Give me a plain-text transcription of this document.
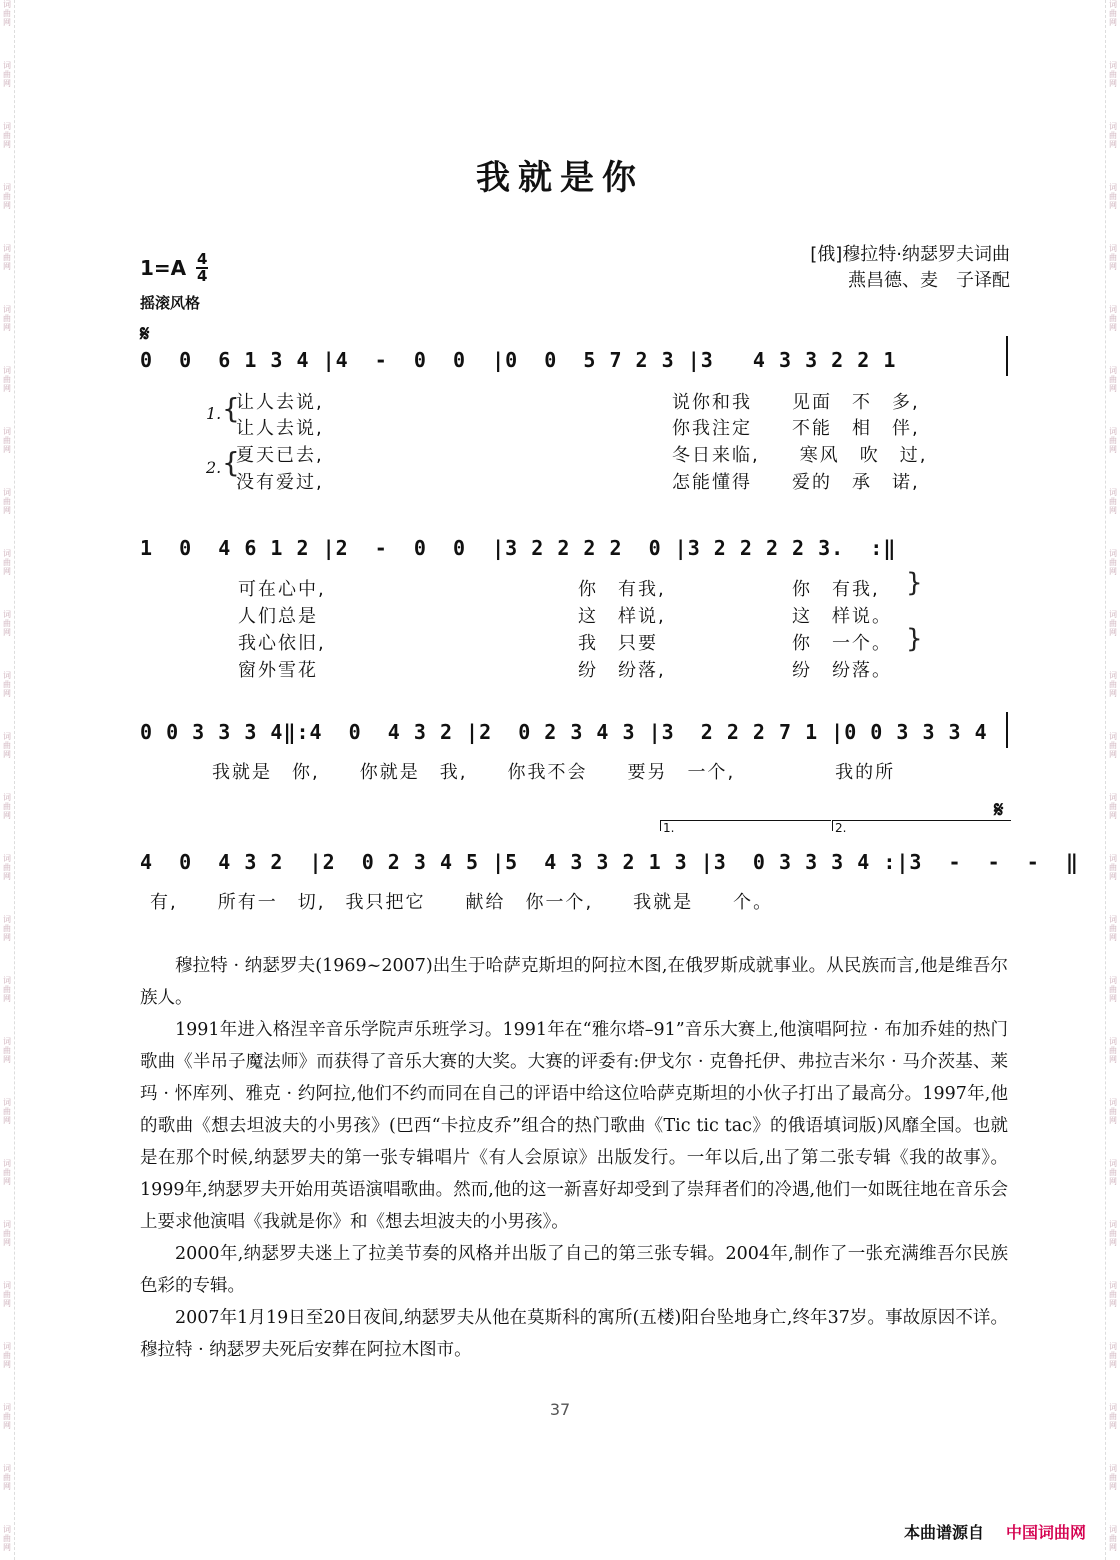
词
曲
网
词
曲
网
词
曲
网
词
曲
网
词
曲
网
词
曲
网
词
曲
网
词
曲
网
词
曲
网
词
曲
网
词
曲
网
词
曲
网
词
曲
网
词
曲
网
词
曲
网
词
曲
网
词
曲
网
词
曲
网
词
曲
网
词
曲
网
词
曲
网
词
曲
网
词
曲
网
词
曲
网
词
曲
网
词
曲
网
词
曲
网
词
曲
网
词
曲
网
词
曲
网
词
曲
网
词
曲
网
词
曲
网
词
曲
网
词
曲
网
词
曲
网
词
曲
网
词
曲
网
词
曲
网
词
曲
网
词
曲
网
词
曲
网
词
曲
网
词
曲
网
词
曲
网
词
曲
网
词
曲
网
词
曲
网
词
曲
网
词
曲
网
词
曲
网
词
曲
网
我就是你
1=A 4
4
摇滚风格
[俄]穆拉特·纳瑟罗夫词曲
燕昌德、麦　子译配
𝄋
0  0  6 1 3 4 |4  -  0  0  |0  0  5 7 2 3 |3   4 3 3 2 2 1
1.
2.
{
{
让人去说,
让人去说,
夏天已去,
没有爱过,
说你和我　　见面　不　多,
你我注定　　不能　相　伴,
冬日来临,　　寒风　吹　过,
怎能懂得　　爱的　承　诺,
1  0  4 6 1 2 |2  -  0  0  |3 2 2 2 2  0 |3 2 2 2 2 3.  :‖
可在心中,
人们总是
我心依旧,
窗外雪花
你　有我,
这　样说,
我　只要
纷　纷落,
你　有我,
这　样说。
你　一个。
纷　纷落。
}
}
0 0 3 3 3 4‖:4  0  4 3 2 |2  0 2 3 4 3 |3  2 2 2 7 1 |0 0 3 3 3 4
我就是　你,　　你就是　我,　　你我不会　　要另　一个,　　　　　我的所
𝄋
1.	2.
4  0  4 3 2  |2  0 2 3 4 5 |5  4 3 3 2 1 3 |3  0 3 3 3 4 :|3  -  -  -  ‖
有,　　所有一　切,　我只把它　　献给　你一个,　　我就是　　个。

穆拉特 · 纳瑟罗夫(1969~2007)出生于哈萨克斯坦的阿拉木图,在俄罗斯成就事业。从民族而言,他是维吾尔族人。

1991年进入格涅辛音乐学院声乐班学习。1991年在“雅尔塔–91”音乐大赛上,他演唱阿拉 · 布加乔娃的热门歌曲《半吊子魔法师》而获得了音乐大赛的大奖。大赛的评委有:伊戈尔 · 克鲁托伊、弗拉吉米尔 · 马介茨基、莱玛 · 怀库列、雅克 · 约阿拉,他们不约而同在自己的评语中给这位哈萨克斯坦的小伙子打出了最高分。1997年,他的歌曲《想去坦波夫的小男孩》(巴西“卡拉皮乔”组合的热门歌曲《Tic tic tac》的俄语填词版)风靡全国。也就是在那个时候,纳瑟罗夫的第一张专辑唱片《有人会原谅》出版发行。一年以后,出了第二张专辑《我的故事》。1999年,纳瑟罗夫开始用英语演唱歌曲。然而,他的这一新喜好却受到了崇拜者们的冷遇,他们一如既往地在音乐会上要求他演唱《我就是你》和《想去坦波夫的小男孩》。

2000年,纳瑟罗夫迷上了拉美节奏的风格并出版了自己的第三张专辑。2004年,制作了一张充满维吾尔民族色彩的专辑。

2007年1月19日至20日夜间,纳瑟罗夫从他在莫斯科的寓所(五楼)阳台坠地身亡,终年37岁。事故原因不详。穆拉特 · 纳瑟罗夫死后安葬在阿拉木图市。

37
本曲谱源自 中国词曲网
